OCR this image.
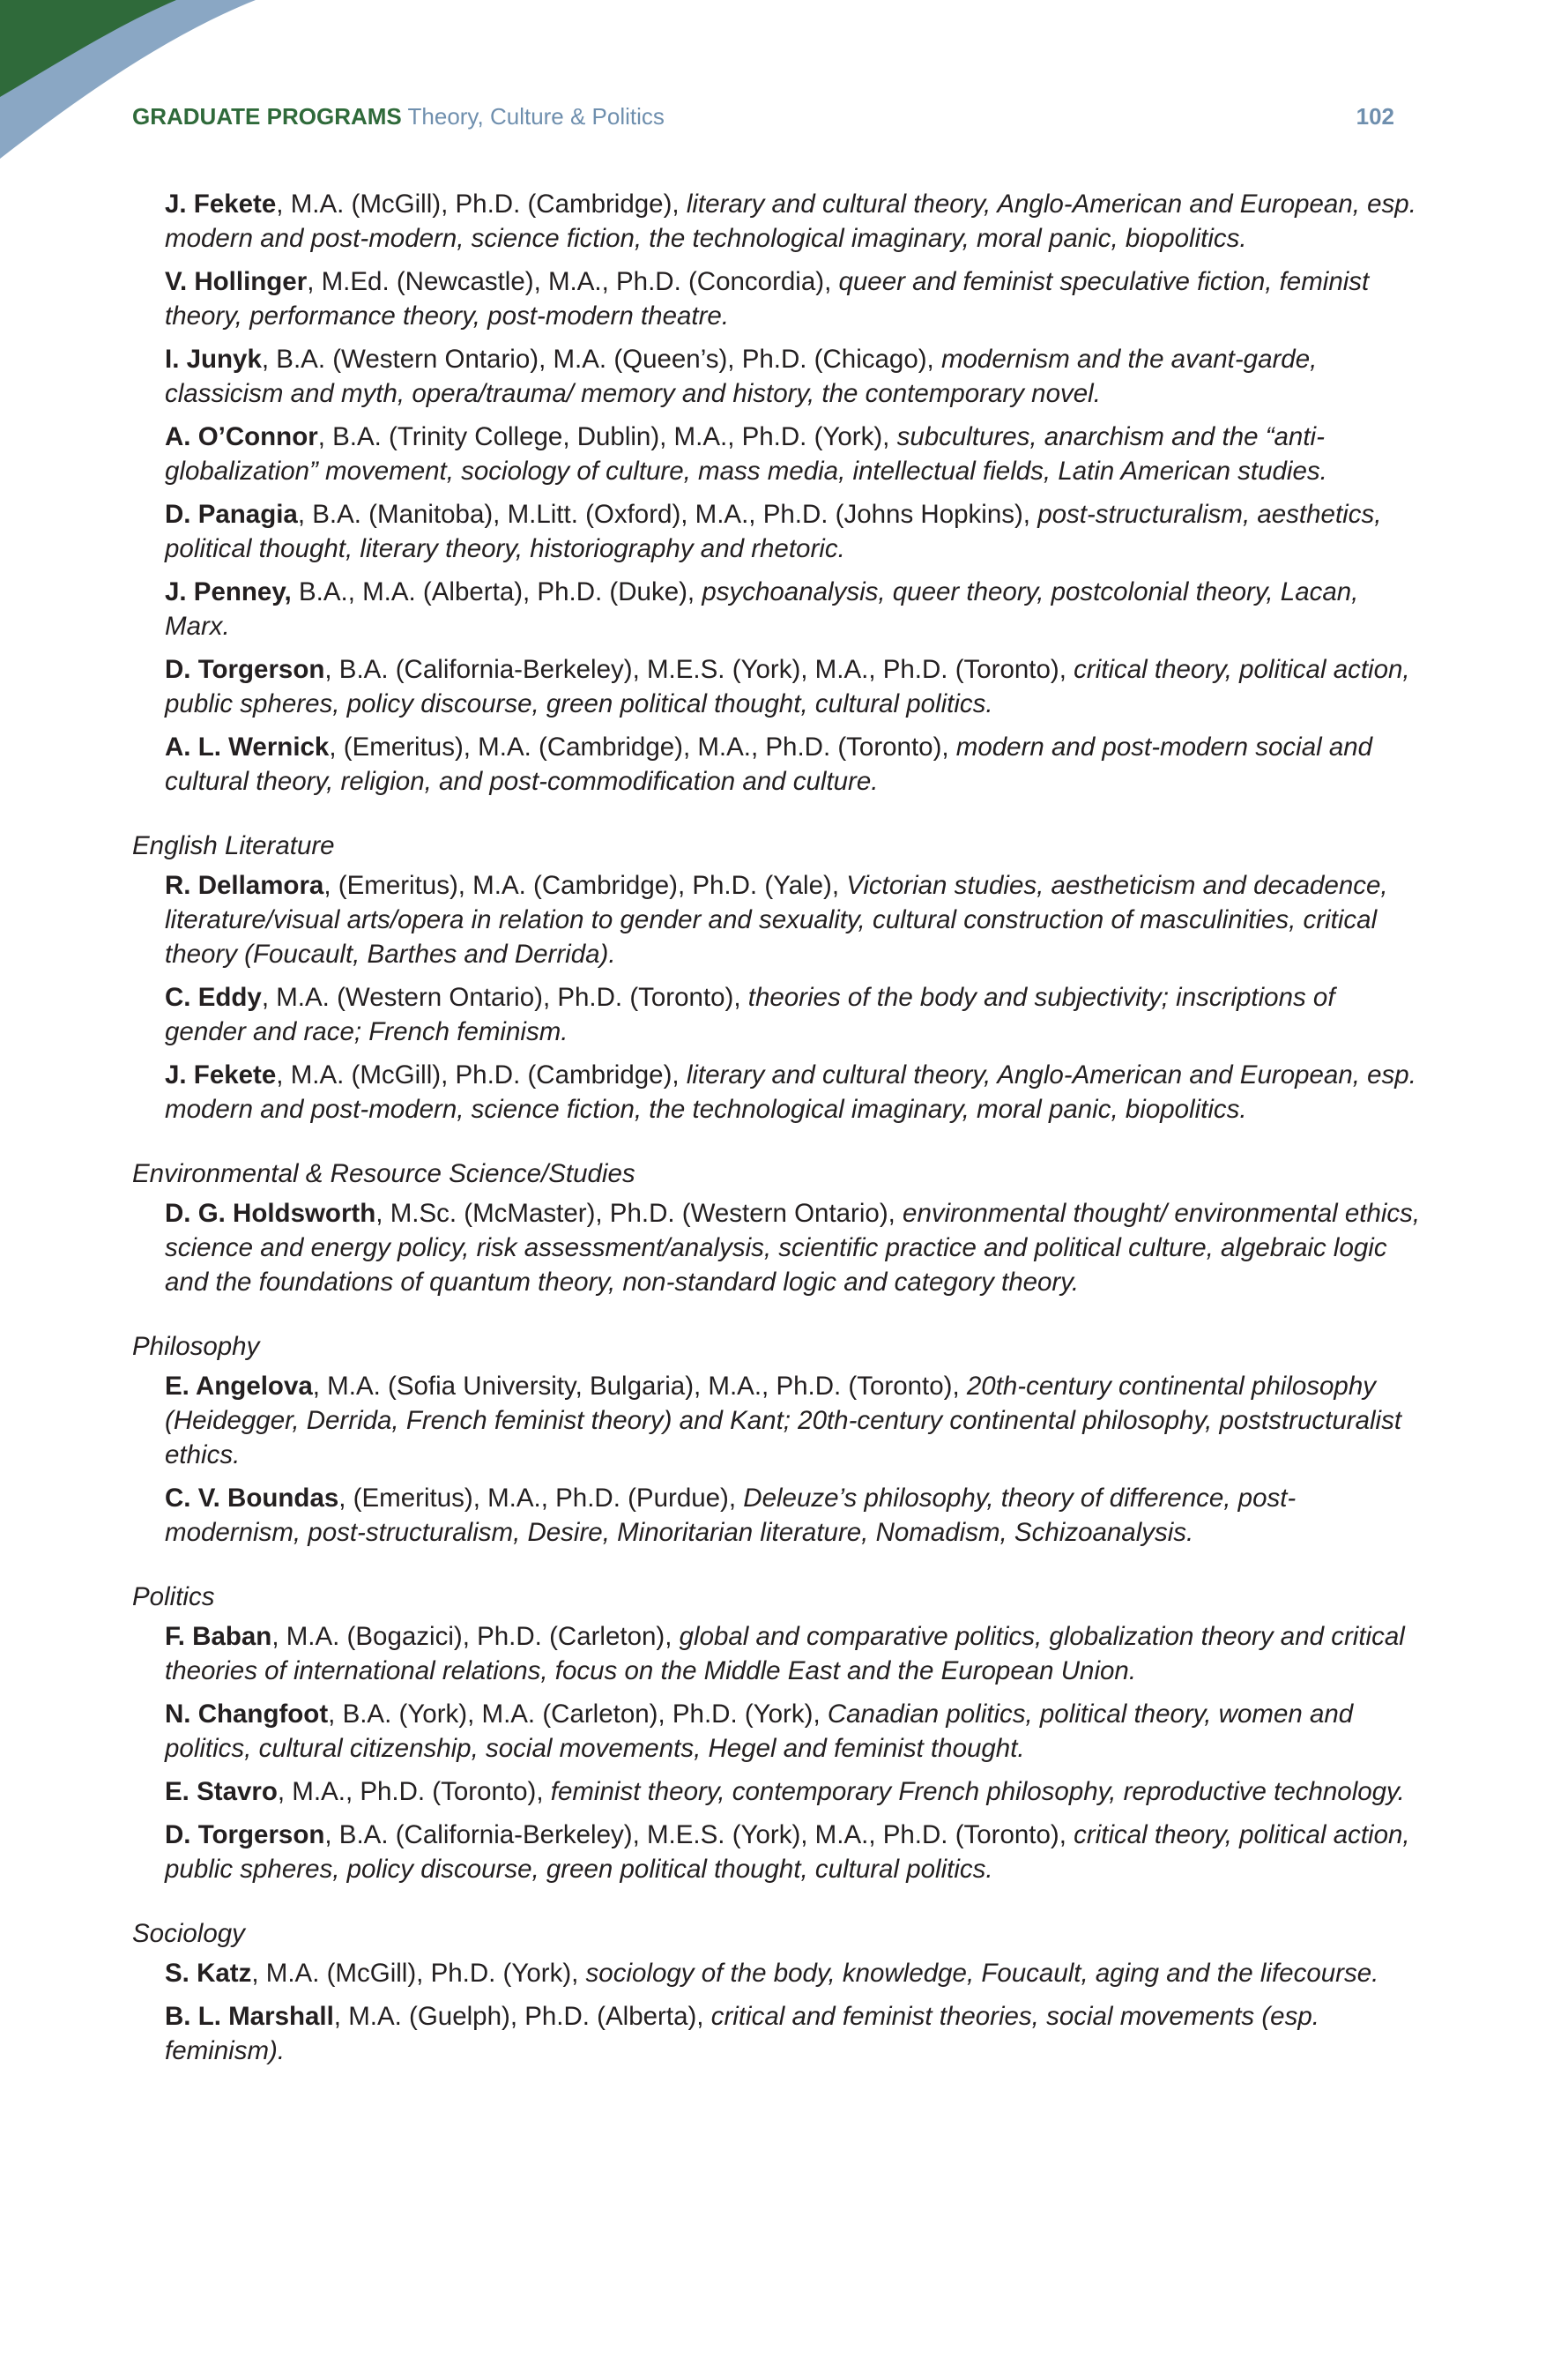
GRADUATE PROGRAMS Theory, Culture & Politics	102
J. Fekete, M.A. (McGill), Ph.D. (Cambridge), literary and cultural theory, Anglo-American and European, esp. modern and post-modern, science fiction, the technological imaginary, moral panic, biopolitics.
V. Hollinger, M.Ed. (Newcastle), M.A., Ph.D. (Concordia), queer and feminist speculative fiction, feminist theory, performance theory, post-modern theatre.
I. Junyk, B.A. (Western Ontario), M.A. (Queen’s), Ph.D. (Chicago), modernism and the avant-garde, classicism and myth, opera/trauma/ memory and history, the contemporary novel.
A. O’Connor, B.A. (Trinity College, Dublin), M.A., Ph.D. (York), subcultures, anarchism and the “anti-globalization” movement, sociology of culture, mass media, intellectual fields, Latin American studies.
D. Panagia, B.A. (Manitoba), M.Litt. (Oxford), M.A., Ph.D. (Johns Hopkins), post-structuralism, aesthetics, political thought, literary theory, historiography and rhetoric.
J. Penney, B.A., M.A. (Alberta), Ph.D. (Duke), psychoanalysis, queer theory, postcolonial theory, Lacan, Marx.
D. Torgerson, B.A. (California-Berkeley), M.E.S. (York), M.A., Ph.D. (Toronto), critical theory, political action, public spheres, policy discourse, green political thought, cultural politics.
A. L. Wernick, (Emeritus), M.A. (Cambridge), M.A., Ph.D. (Toronto), modern and post-modern social and cultural theory, religion, and post-commodification and culture.
English Literature
R. Dellamora, (Emeritus), M.A. (Cambridge), Ph.D. (Yale), Victorian studies, aestheticism and decadence, literature/visual arts/opera in relation to gender and sexuality, cultural construction of masculinities, critical theory (Foucault, Barthes and Derrida).
C. Eddy, M.A. (Western Ontario), Ph.D. (Toronto), theories of the body and subjectivity; inscriptions of gender and race; French feminism.
J. Fekete, M.A. (McGill), Ph.D. (Cambridge), literary and cultural theory, Anglo-American and European, esp. modern and post-modern, science fiction, the technological imaginary, moral panic, biopolitics.
Environmental & Resource Science/Studies
D. G. Holdsworth, M.Sc. (McMaster), Ph.D. (Western Ontario), environmental thought/ environmental ethics, science and energy policy, risk assessment/analysis, scientific practice and political culture, algebraic logic and the foundations of quantum theory, non-standard logic and category theory.
Philosophy
E. Angelova, M.A. (Sofia University, Bulgaria), M.A., Ph.D. (Toronto), 20th-century continental philosophy (Heidegger, Derrida, French feminist theory) and Kant; 20th-century continental philosophy, poststructuralist ethics.
C. V. Boundas, (Emeritus), M.A., Ph.D. (Purdue), Deleuze’s philosophy, theory of difference, post-modernism, post-structuralism, Desire, Minoritarian literature, Nomadism, Schizoanalysis.
Politics
F. Baban, M.A. (Bogazici), Ph.D. (Carleton), global and comparative politics, globalization theory and critical theories of international relations, focus on the Middle East and the European Union.
N. Changfoot, B.A. (York), M.A. (Carleton), Ph.D. (York), Canadian politics, political theory, women and politics, cultural citizenship, social movements, Hegel and feminist thought.
E. Stavro, M.A., Ph.D. (Toronto), feminist theory, contemporary French philosophy, reproductive technology.
D. Torgerson, B.A. (California-Berkeley), M.E.S. (York), M.A., Ph.D. (Toronto), critical theory, political action, public spheres, policy discourse, green political thought, cultural politics.
Sociology
S. Katz, M.A. (McGill), Ph.D. (York), sociology of the body, knowledge, Foucault, aging and the lifecourse.
B. L. Marshall, M.A. (Guelph), Ph.D. (Alberta), critical and feminist theories, social movements (esp. feminism).
